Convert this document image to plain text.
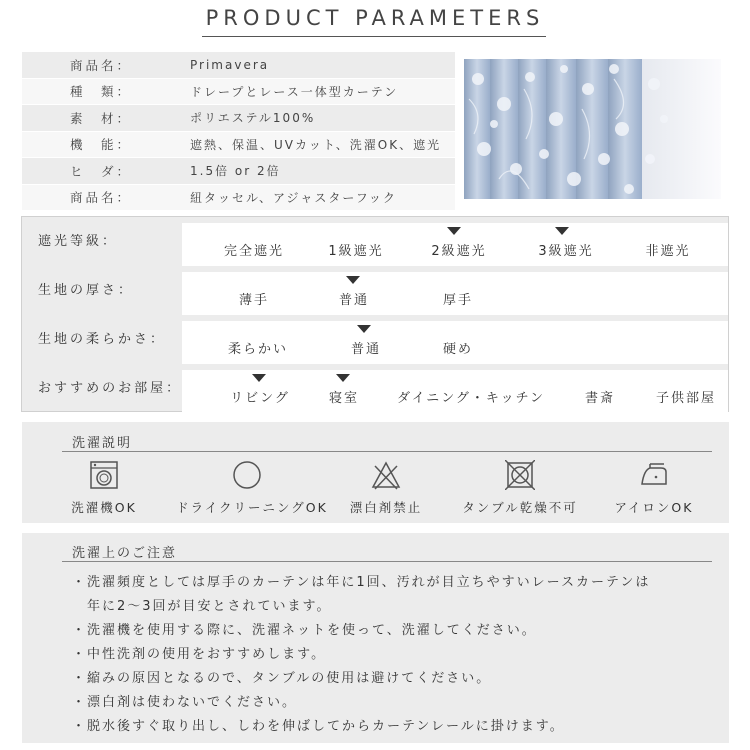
PRODUCT PARAMETERS
商品名：	Primavera
種　類：	ドレープとレース一体型カーテン
素　材：	ポリエステル100%
機　能：	遮熱、保温、UVカット、洗濯OK、遮光
ヒ　ダ：	1.5倍 or 2倍
商品名：	紐タッセル、アジャスターフック
遮光等級：
完全遮光	1級遮光	2級遮光	3級遮光	非遮光
生地の厚さ：
薄手	普通	厚手
生地の柔らかさ：
柔らかい	普通	硬め
おすすめのお部屋：
リビング	寝室	ダイニング・キッチン	書斎	子供部屋
洗濯説明
洗濯機OK	ドライクリーニングOK 漂白剤禁止	タンブル乾燥不可	アイロンOK
洗濯上のご注意
・洗濯頻度としては厚手のカーテンは年に1回、汚れが目立ちやすいレースカーテンは
　年に2～3回が目安とされています。
・洗濯機を使用する際に、洗濯ネットを使って、洗濯してください。
・中性洗剤の使用をおすすめします。
・縮みの原因となるので、タンブルの使用は避けてください。
・漂白剤は使わないでください。
・脱水後すぐ取り出し、しわを伸ばしてからカーテンレールに掛けます。
